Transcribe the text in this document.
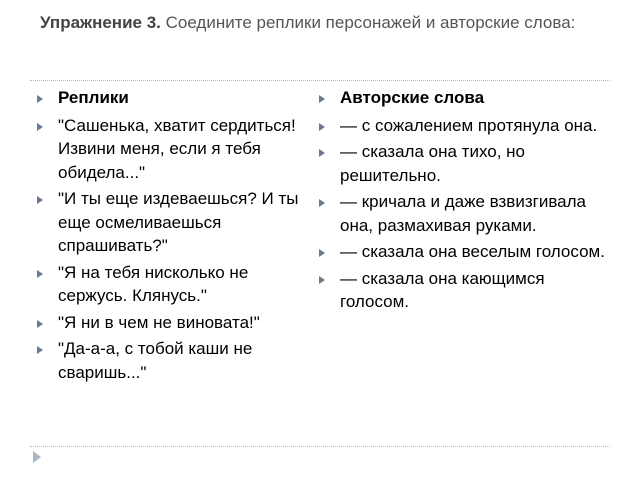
Упражнение 3. Соедините реплики персонажей и авторские слова:
Реплики
"Сашенька, хватит сердиться! Извини меня, если я тебя обидела..."
"И ты еще издеваешься? И ты еще осмеливаешься спрашивать?"
"Я на тебя нисколько не сержусь. Клянусь."
"Я ни в чем не виновата!"
"Да-а-а, с тобой каши не сваришь..."
Авторские слова
— с сожалением протянула она.
— сказала она тихо, но решительно.
— кричала и даже взвизгивала она, размахивая руками.
— сказала она веселым голосом.
— сказала она кающимся голосом.
